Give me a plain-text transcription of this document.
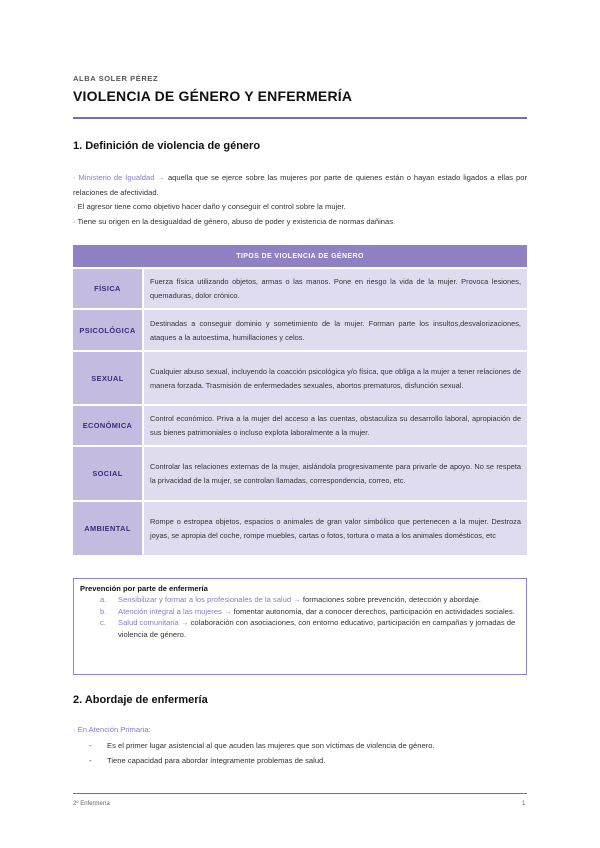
ALBA SOLER PÉREZ
VIOLENCIA DE GÉNERO Y ENFERMERÍA
1. Definición de violencia de género

· Ministerio de Igualdad → aquella que se ejerce sobre las mujeres por parte de quienes están o hayan estado ligados a ellas por relaciones de afectividad.

· El agresor tiene como objetivo hacer daño y conseguir el control sobre la mujer.

· Tiene su origen en la desigualdad de género, abuso de poder y existencia de normas dañinas.

TIPOS DE VIOLENCIA DE GÉNERO
FÍSICA
Fuerza física utilizando objetos, armas o las manos. Pone en riesgo la vida de la mujer. Provoca lesiones, quemaduras, dolor crónico.
PSICOLÓGICA
Destinadas a conseguir dominio y sometimiento de la mujer. Forman parte los insultos,desvalorizaciones, ataques a la autoestima, humillaciones y celos.
SEXUAL
Cualquier abuso sexual, incluyendo la coacción psicológica y/o física, que obliga a la mujer a tener relaciones de manera forzada. Trasmisión de enfermedades sexuales, abortos prematuros, disfunción sexual.
ECONÓMICA
Control económico. Priva a la mujer del acceso a las cuentas, obstaculiza su desarrollo laboral, apropiación de sus bienes patrimoniales o incluso explota laboralmente a la mujer.
SOCIAL
Controlar las relaciones externas de la mujer, aislándola progresivamente para privarle de apoyo. No se respeta la privacidad de la mujer, se controlan llamadas, correspondencia, correo, etc.
AMBIENTAL
Rompe o estropea objetos, espacios o animales de gran valor simbólico que pertenecen a la mujer. Destroza joyas, se apropia del coche, rompe muebles, cartas o fotos, tortura o mata a los animales domésticos, etc
Prevención por parte de enfermería
a.	Sensibilizar y formar a los profesionales de la salud → formaciones sobre prevención, detección y abordaje.
b.	Atención integral a las mujeres → fomentar autonomía, dar a conocer derechos, participación en actividades sociales.
c.	Salud comunitaria → colaboración con asociaciones, con entorno educativo, participación en campañas y jornadas de violencia de género.
2. Abordaje de enfermería
· En Atención Primaria:
-	Es el primer lugar asistencial al que acuden las mujeres que son víctimas de violencia de género.
-	Tiene capacidad para abordar íntegramente problemas de salud.
2º Enfermería	1
